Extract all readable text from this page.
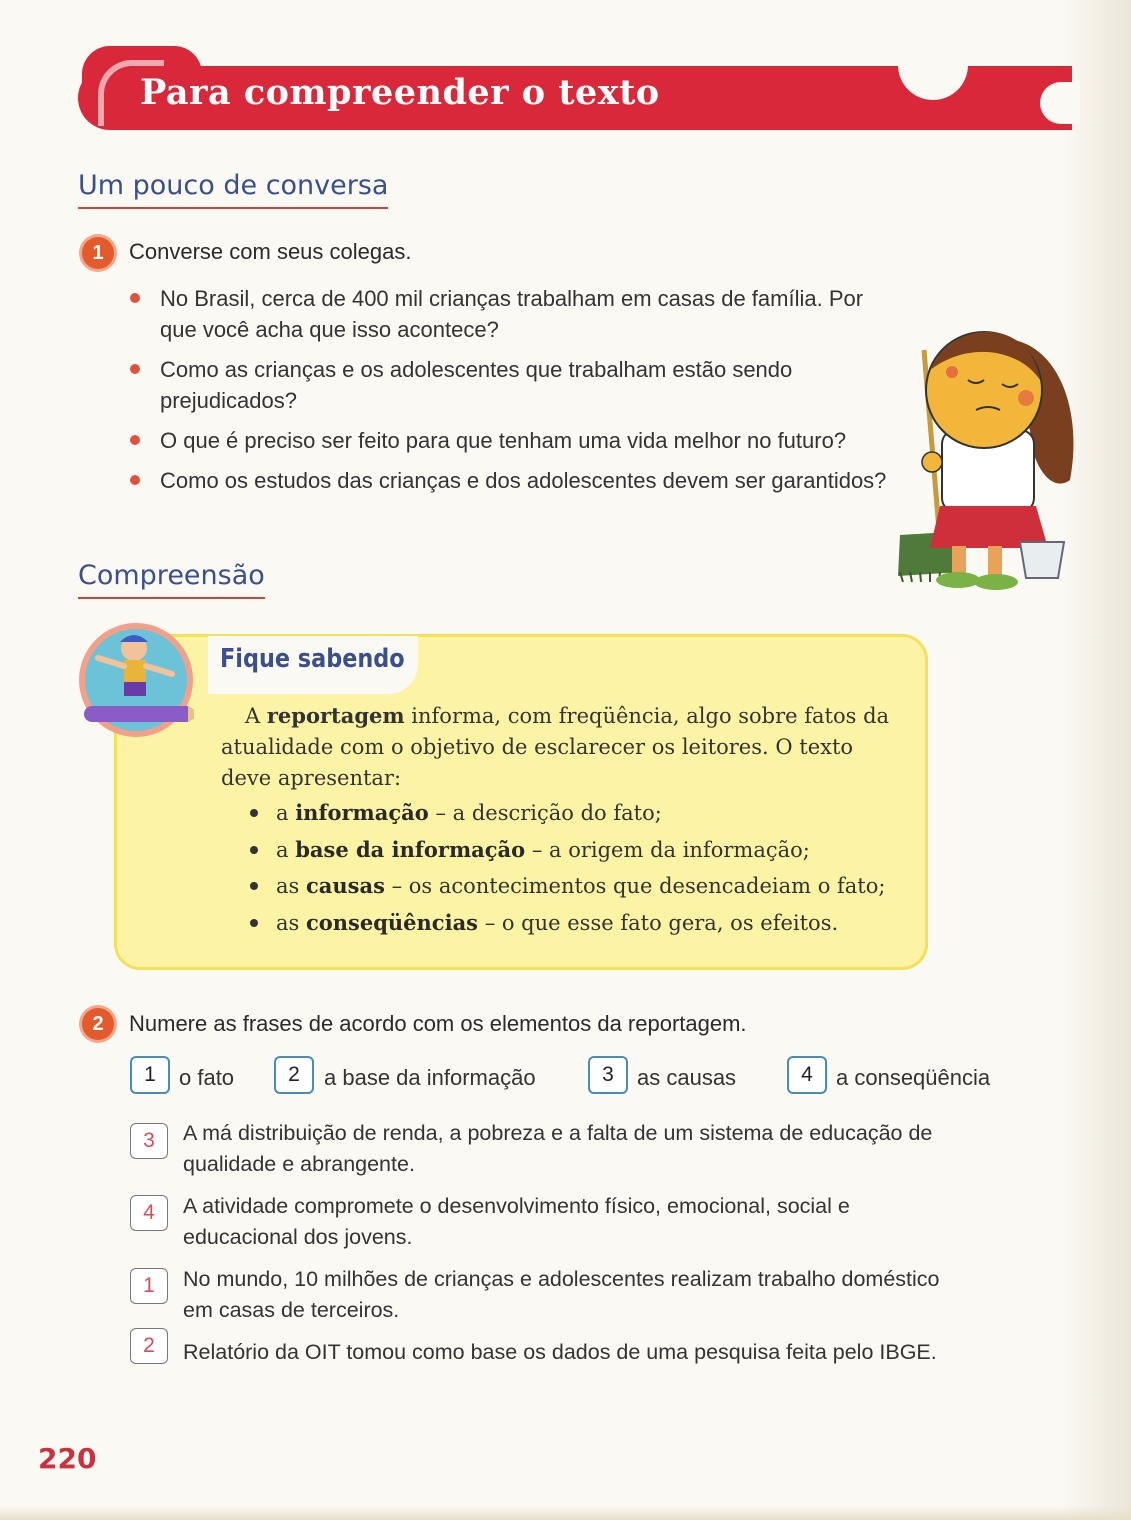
Para compreender o texto
Um pouco de conversa
1	Converse com seus colegas.
No Brasil, cerca de 400 mil crianças trabalham em casas de família. Por que você acha que isso acontece?
Como as crianças e os adolescentes que trabalham estão sendo prejudicados?
O que é preciso ser feito para que tenham uma vida melhor no futuro?
Como os estudos das crianças e dos adolescentes devem ser garantidos?
Compreensão
Fique sabendo
A reportagem informa, com freqüência, algo sobre fatos da atualidade com o objetivo de esclarecer os leitores. O texto deve apresentar:
a informação – a descrição do fato;
a base da informação – a origem da informação;
as causas – os acontecimentos que desencadeiam o fato;
as conseqüências – o que esse fato gera, os efeitos.
2	Numere as frases de acordo com os elementos da reportagem.
1	o fato	2	a base da informação	3	as causas	4	a conseqüência
3	A má distribuição de renda, a pobreza e a falta de um sistema de educação de qualidade e abrangente.
4	A atividade compromete o desenvolvimento físico, emocional, social e educacional dos jovens.
1	No mundo, 10 milhões de crianças e adolescentes realizam trabalho doméstico em casas de terceiros.
2	Relatório da OIT tomou como base os dados de uma pesquisa feita pelo IBGE.
220
